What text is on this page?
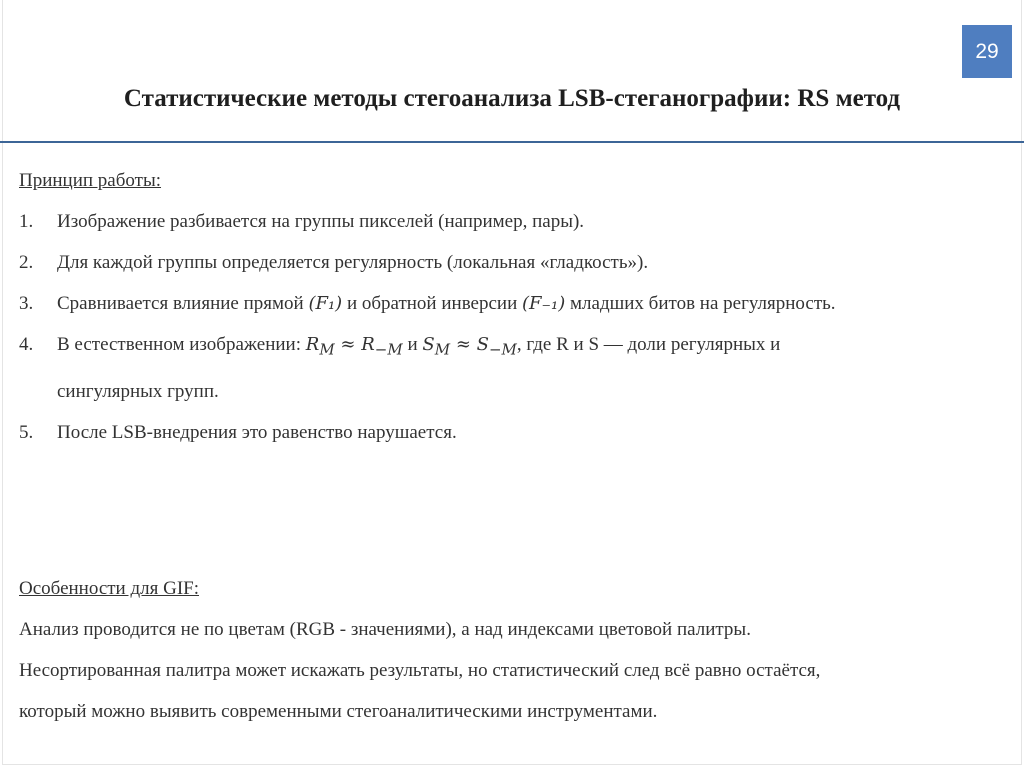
29
Статистические методы стегоанализа LSB-стеганографии: RS метод
Принцип работы:
1. Изображение разбивается на группы пикселей (например, пары).
2. Для каждой группы определяется регулярность (локальная «гладкость»).
3. Сравнивается влияние прямой (F₁) и обратной инверсии (F₋₁) младших битов на регулярность.
4. В естественном изображении: $R_M \approx R_{-M}$ и $S_M \approx S_{-M}$, где R и S — доли регулярных и
сингулярных групп.
5. После LSB-внедрения это равенство нарушается.
Особенности для GIF:
Анализ проводится не по цветам (RGB - значениями), а над индексами цветовой палитры.
Несортированная палитра может искажать результаты, но статистический след всё равно остаётся,
который можно выявить современными стегоаналитическими инструментами.
